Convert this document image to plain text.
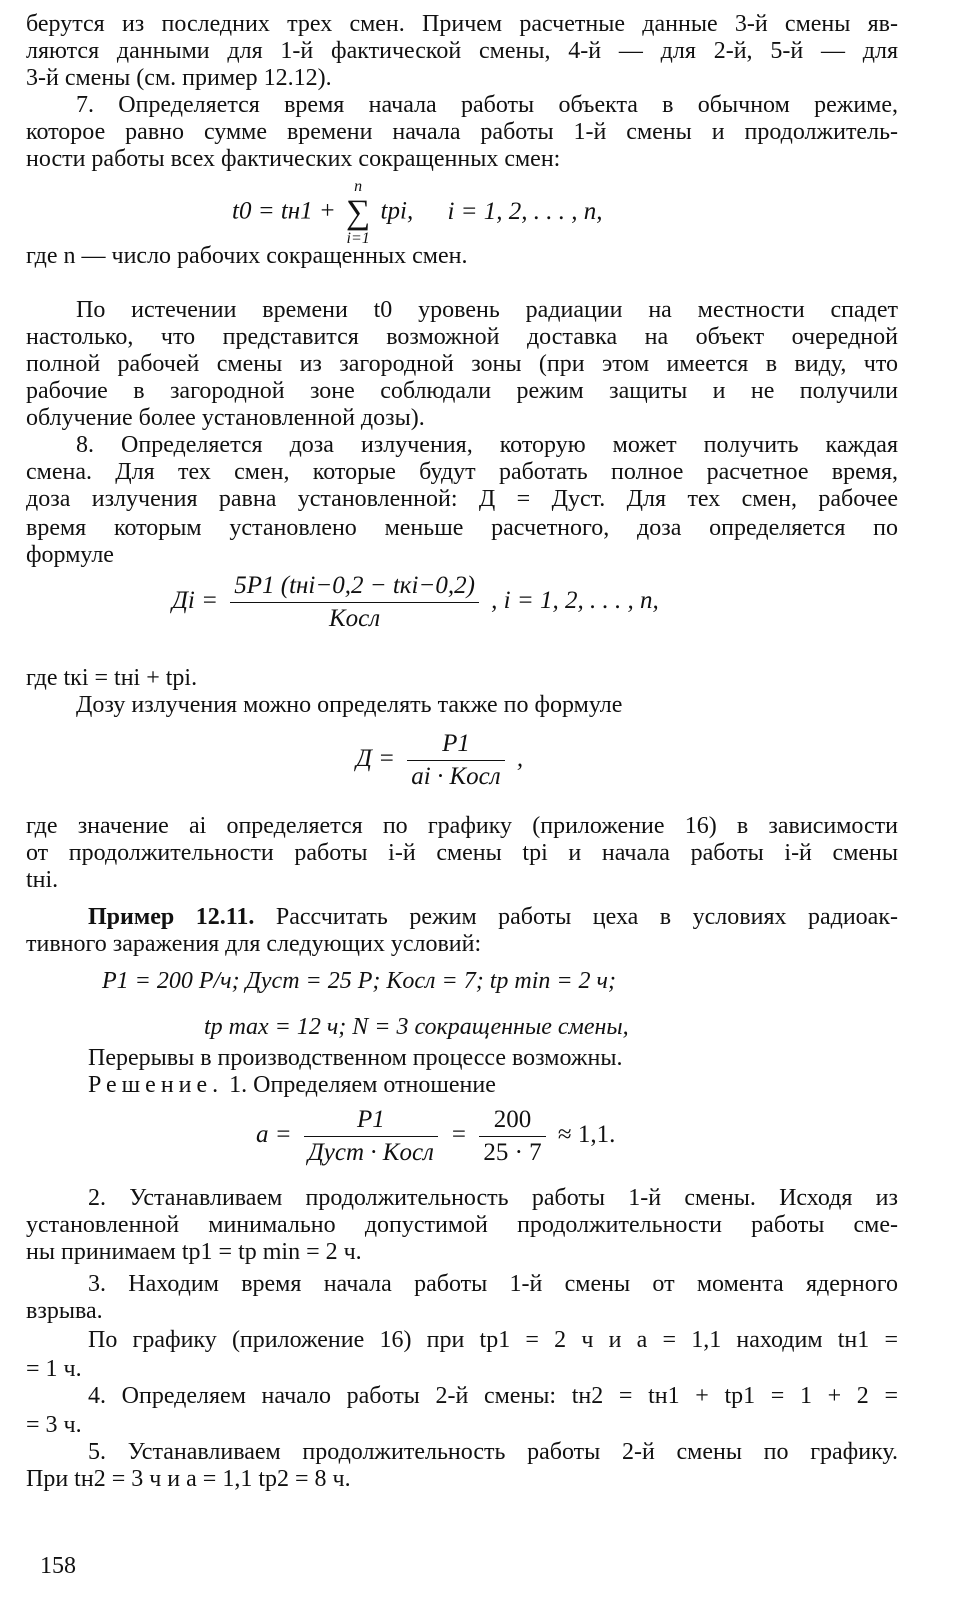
берутся из последних трех смен. Причем расчетные данные 3-й смены яв-
ляются данными для 1-й фактической смены, 4-й — для 2-й, 5-й — для
3-й смены (см. пример 12.12).
7. Определяется время начала работы объекта в обычном режиме,
которое равно сумме времени начала работы 1-й смены и продолжитель-
ности работы всех фактических сокращенных смен:
t0 = tн1 + n
∑
i=1 tрi, i = 1, 2, . . . , n,
где n — число рабочих сокращенных смен.
По истечении времени t0 уровень радиации на местности спадет
настолько, что представится возможной доставка на объект очередной
полной рабочей смены из загородной зоны (при этом имеется в виду, что
рабочие в загородной зоне соблюдали режим защиты и не получили
облучение более установленной дозы).
8. Определяется доза излучения, которую может получить каждая
смена. Для тех смен, которые будут работать полное расчетное время,
доза излучения равна установленной: Д = Дуст. Для тех смен, рабочее
время которым установлено меньше расчетного, доза определяется по
формуле
Дi = $\frac{\text{5P1 (tнi−0,2 − tкi−0,2)}}{\text{Kосл}}$ , i = 1, 2, . . . , n,
где tкi = tнi + tрi.
Дозу излучения можно определять также по формуле
$Д = \frac{P1}{\text{ai · Kосл}}$ ,
где значение ai определяется по графику (приложение 16) в зависимости
от продолжительности работы i-й смены tрi и начала работы i-й смены
tнi.
Пример 12.11. Рассчитать режим работы цеха в условиях радиоак-
тивного заражения для следующих условий:
P1 = 200 Р/ч; Дуст = 25 Р; Kосл = 7; tр min = 2 ч;
tр max = 12 ч; N = 3 сокращенные смены,
Перерывы в производственном процессе возможны.
Решение. 1. Определяем отношение
$a = \frac{P1}{\text{Дуст · Kосл}} = \frac{200}{25 \cdot 7} \approx 1,1$.
2. Устанавливаем продолжительность работы 1-й смены. Исходя из
установленной минимально допустимой продолжительности работы сме-
ны принимаем tр1 = tр min = 2 ч.
3. Находим время начала работы 1-й смены от момента ядерного
взрыва.
По графику (приложение 16) при tр1 = 2 ч и a = 1,1 находим tн1 =
= 1 ч.
4. Определяем начало работы 2-й смены: tн2 = tн1 + tр1 = 1 + 2 =
= 3 ч.
5. Устанавливаем продолжительность работы 2-й смены по графику.
При tн2 = 3 ч и a = 1,1 tр2 = 8 ч.
158
